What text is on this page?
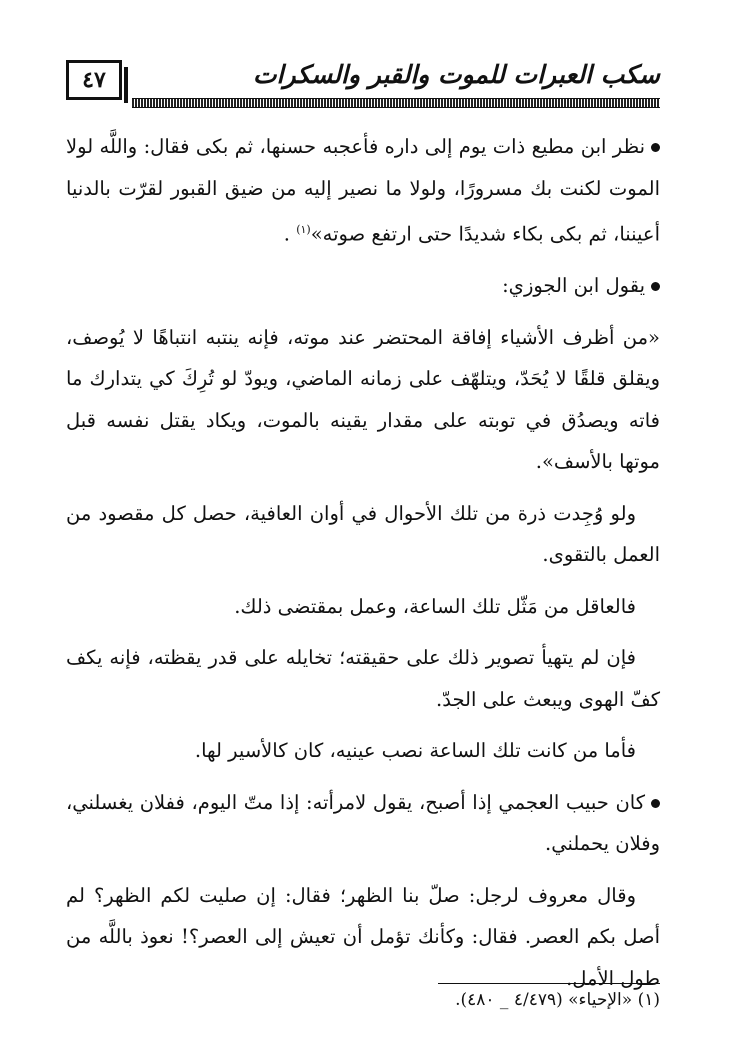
٤٧	سكب العبرات للموت والقبر والسكرات

نظر ابن مطيع ذات يوم إلى داره فأعجبه حسنها، ثم بكى فقال: واللَّه لولا الموت لكنت بك مسرورًا، ولولا ما نصير إليه من ضيق القبور لقرّت بالدنيا أعيننا، ثم بكى بكاء شديدًا حتى ارتفع صوته»$^{(١)}$ .

يقول ابن الجوزي:

«من أظرف الأشياء إفاقة المحتضر عند موته، فإنه ينتبه انتباهًا لا يُوصف، ويقلق قلقًا لا يُحَدّ، ويتلهّف على زمانه الماضي، ويودّ لو تُرِكَ كي يتدارك ما فاته ويصدُق في توبته على مقدار يقينه بالموت، ويكاد يقتل نفسه قبل موتها بالأسف».

ولو وُجِدت ذرة من تلك الأحوال في أوان العافية، حصل كل مقصود من العمل بالتقوى.

فالعاقل من مَثّل تلك الساعة، وعمل بمقتضى ذلك.

فإن لم يتهيأ تصوير ذلك على حقيقته؛ تخايله على قدر يقظته، فإنه يكف كفّ الهوى ويبعث على الجدّ.

فأما من كانت تلك الساعة نصب عينيه، كان كالأسير لها.

كان حبيب العجمي إذا أصبح، يقول لامرأته: إذا متّ اليوم، ففلان يغسلني، وفلان يحملني.

وقال معروف لرجل: صلّ بنا الظهر؛ فقال: إن صليت لكم الظهر؟ لم أصل بكم العصر. فقال: وكأنك تؤمل أن تعيش إلى العصر؟! نعوذ باللَّه من طول الأمل.

(١) «الإحياء» (٤/٤٧٩ _ ٤٨٠).
